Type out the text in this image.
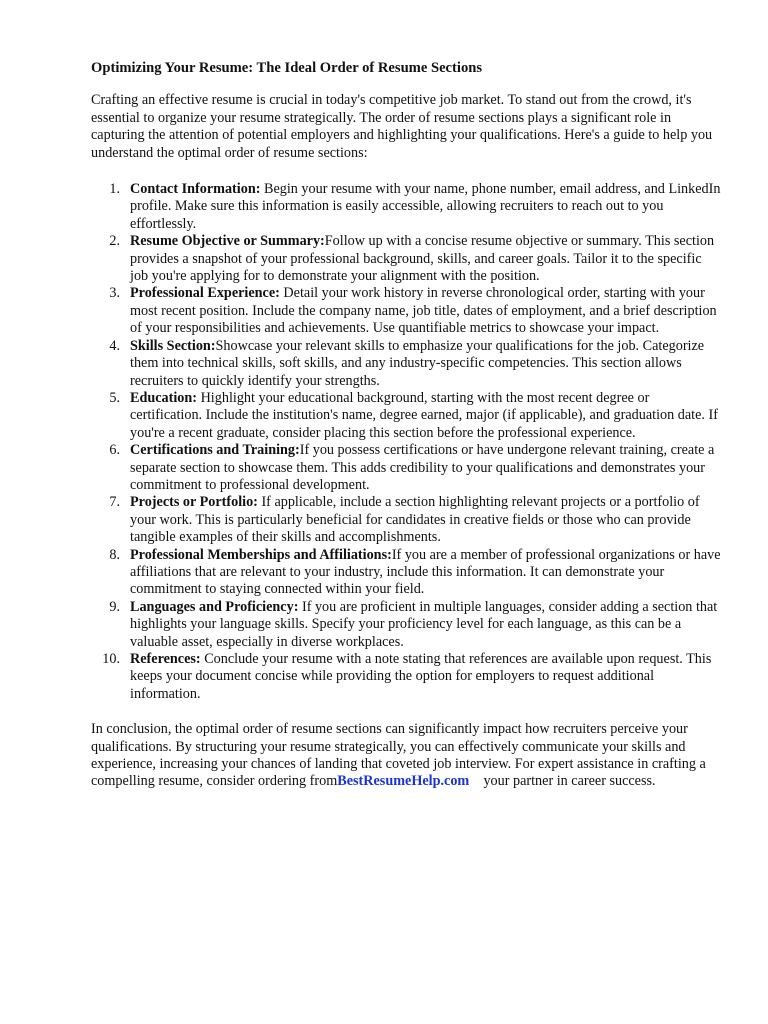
Optimizing Your Resume: The Ideal Order of Resume Sections

Crafting an effective resume is crucial in today's competitive job market. To stand out from the crowd, it's essential to organize your resume strategically. The order of resume sections plays a significant role in capturing the attention of potential employers and highlighting your qualifications. Here's a guide to help you understand the optimal order of resume sections:

1. Contact Information: Begin your resume with your name, phone number, email address, and LinkedIn profile. Make sure this information is easily accessible, allowing recruiters to reach out to you effortlessly.
2. Resume Objective or Summary:Follow up with a concise resume objective or summary. This section provides a snapshot of your professional background, skills, and career goals. Tailor it to the specific job you're applying for to demonstrate your alignment with the position.
3. Professional Experience: Detail your work history in reverse chronological order, starting with your most recent position. Include the company name, job title, dates of employment, and a brief description of your responsibilities and achievements. Use quantifiable metrics to showcase your impact.
4. Skills Section:Showcase your relevant skills to emphasize your qualifications for the job. Categorize them into technical skills, soft skills, and any industry-specific competencies. This section allows recruiters to quickly identify your strengths.
5. Education: Highlight your educational background, starting with the most recent degree or certification. Include the institution's name, degree earned, major (if applicable), and graduation date. If you're a recent graduate, consider placing this section before the professional experience.
6. Certifications and Training:If you possess certifications or have undergone relevant training, create a separate section to showcase them. This adds credibility to your qualifications and demonstrates your commitment to professional development.
7. Projects or Portfolio: If applicable, include a section highlighting relevant projects or a portfolio of your work. This is particularly beneficial for candidates in creative fields or those who can provide tangible examples of their skills and accomplishments.
8. Professional Memberships and Affiliations:If you are a member of professional organizations or have affiliations that are relevant to your industry, include this information. It can demonstrate your commitment to staying connected within your field.
9. Languages and Proficiency: If you are proficient in multiple languages, consider adding a section that highlights your language skills. Specify your proficiency level for each language, as this can be a valuable asset, especially in diverse workplaces.
10. References: Conclude your resume with a note stating that references are available upon request. This keeps your document concise while providing the option for employers to request additional information.

In conclusion, the optimal order of resume sections can significantly impact how recruiters perceive your qualifications. By structuring your resume strategically, you can effectively communicate your skills and experience, increasing your chances of landing that coveted job interview. For expert assistance in crafting a compelling resume, consider ordering fromBestResumeHelp.com    your partner in career success.
